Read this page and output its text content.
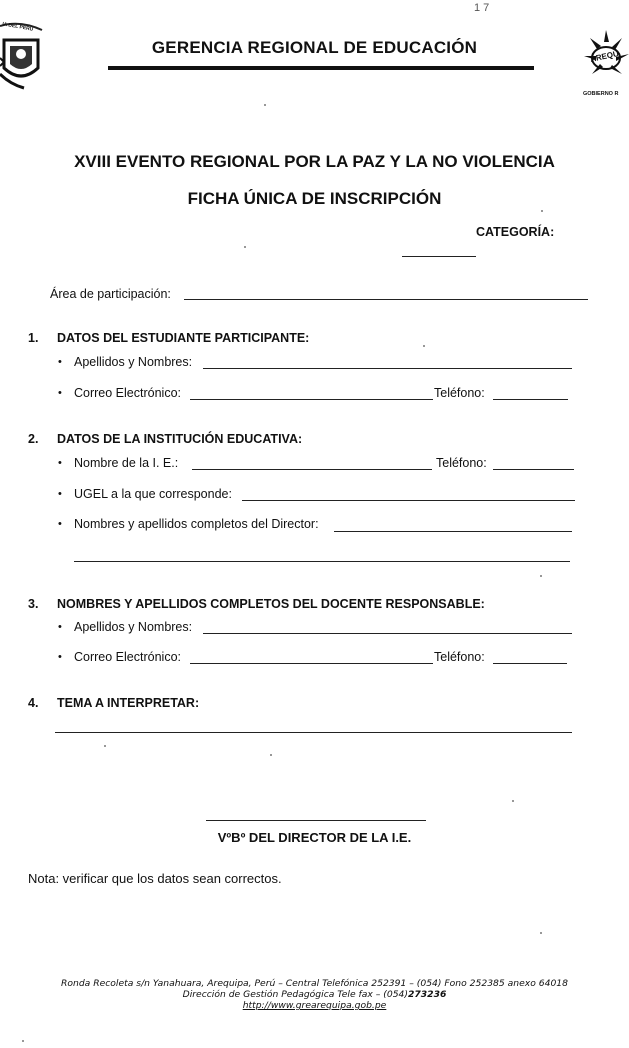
IA DEL PERÚ
GERENCIA REGIONAL DE EDUCACIÓN
17
AREQU
GOBIERNO R
XVIII EVENTO REGIONAL POR LA PAZ Y LA NO VIOLENCIA
FICHA ÚNICA DE INSCRIPCIÓN
CATEGORÍA:
Área de participación:
1. DATOS DEL ESTUDIANTE PARTICIPANTE:
• Apellidos y Nombres:
• Correo Electrónico:	Teléfono:
2. DATOS DE LA INSTITUCIÓN EDUCATIVA:
• Nombre de la I. E.:	Teléfono:
• UGEL a la que corresponde:
• Nombres y apellidos completos del Director:
3. NOMBRES Y APELLIDOS COMPLETOS DEL DOCENTE RESPONSABLE:
• Apellidos y Nombres:
• Correo Electrónico:	Teléfono:
4. TEMA A INTERPRETAR:
VºBº DEL DIRECTOR DE LA I.E.
Nota: verificar que los datos sean correctos.
Ronda Recoleta s/n Yanahuara, Arequipa, Perú – Central Telefónica 252391 – (054) Fono 252385 anexo 64018
Dirección de Gestión Pedagógica Tele fax – (054)273236
http://www.grearequipa.gob.pe
